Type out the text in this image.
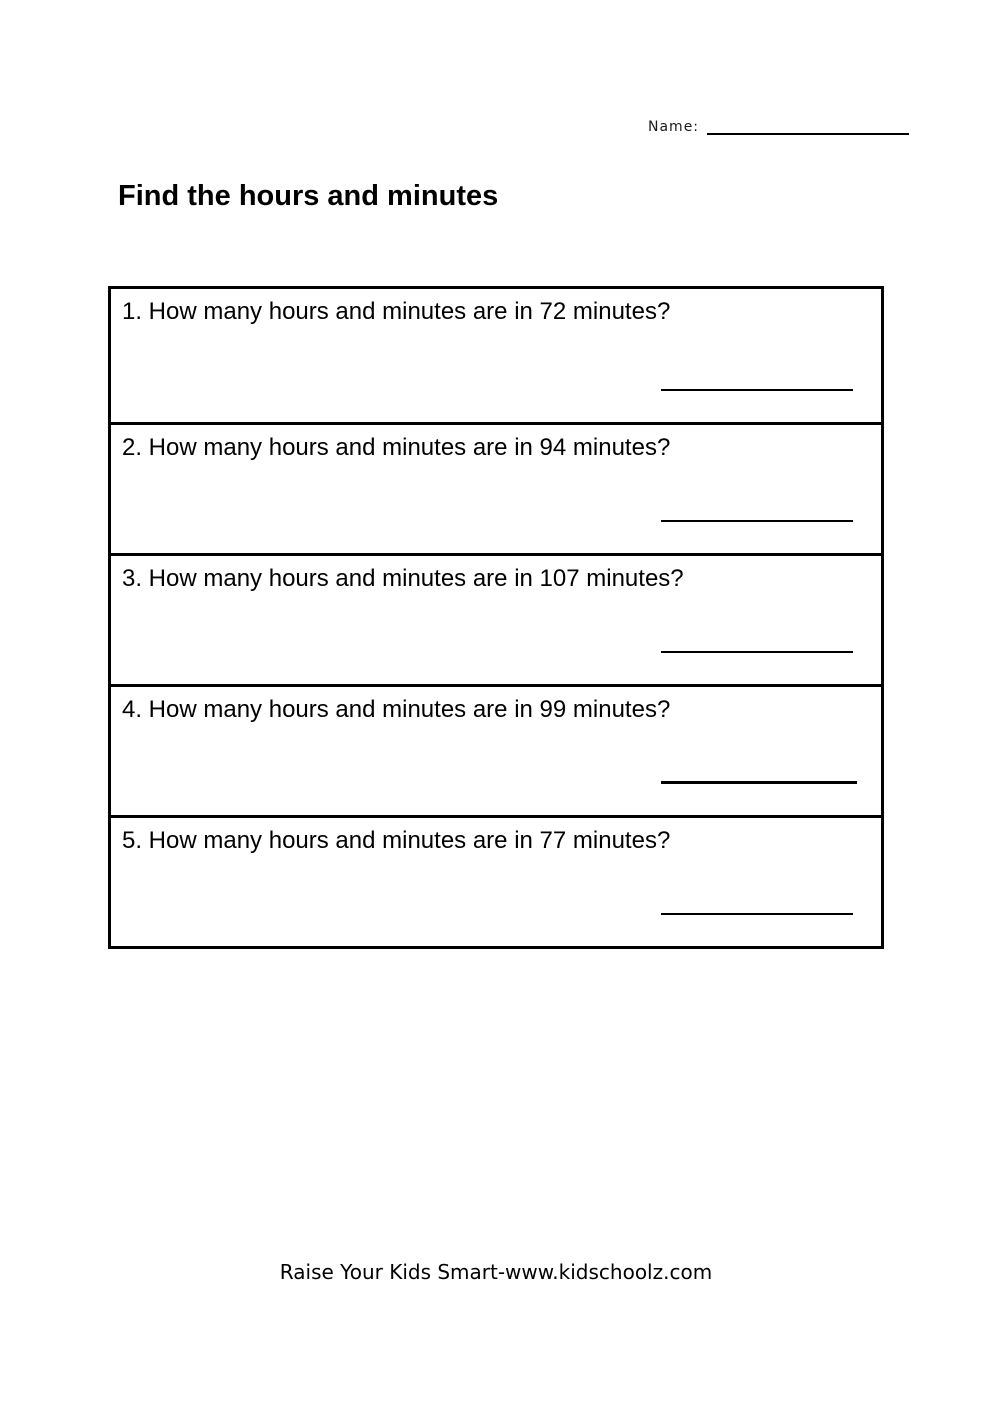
Name:
Find the hours and minutes
1. How many hours and minutes are in 72 minutes?
2. How many hours and minutes are in 94 minutes?
3. How many hours and minutes are in 107 minutes?
4. How many hours and minutes are in 99 minutes?
5. How many hours and minutes are in 77 minutes?
Raise Your Kids Smart-www.kidschoolz.com
